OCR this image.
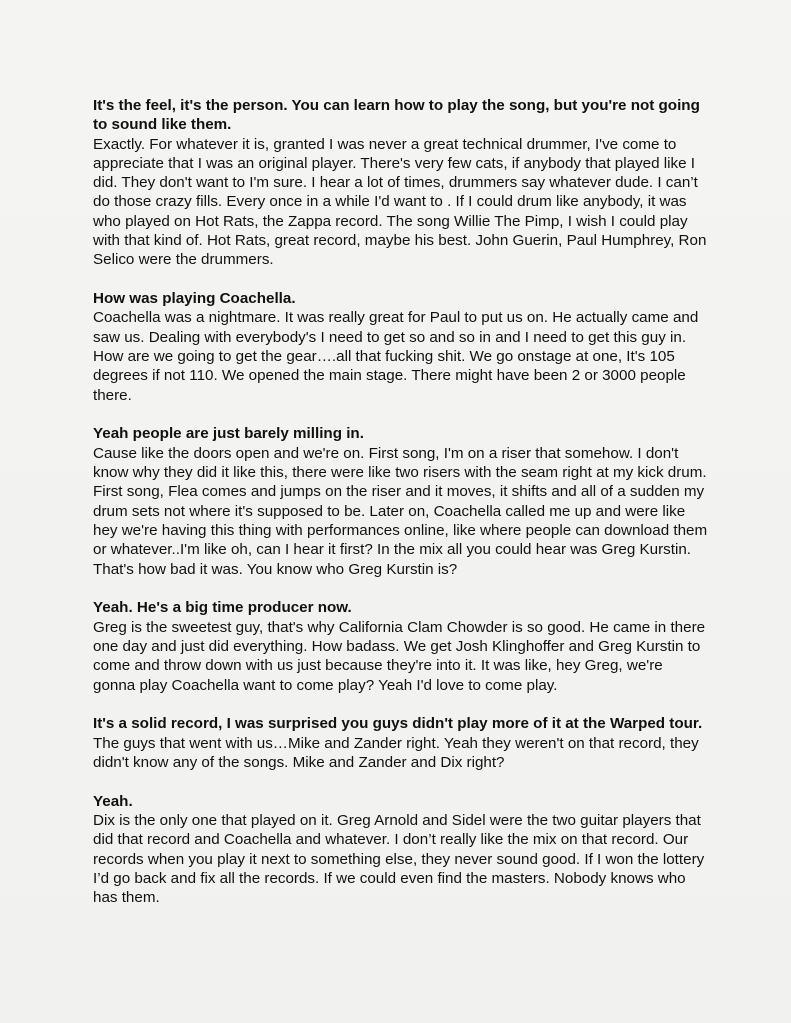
It's the feel, it's the person. You can learn how to play the song, but you're not going to sound like them.

Exactly. For whatever it is, granted I was never a great technical drummer, I've come to appreciate that I was an original player. There's very few cats, if anybody that played like I did. They don't want to I'm sure. I hear a lot of times, drummers say whatever dude. I can’t do those crazy fills. Every once in a while I'd want to . If I could drum like anybody, it was who played on Hot Rats, the Zappa record. The song Willie The Pimp, I wish I could play with that kind of. Hot Rats, great record, maybe his best. John Guerin, Paul Humphrey, Ron Selico were the drummers.

How was playing Coachella.

Coachella was a nightmare. It was really great for Paul to put us on. He actually came and saw us. Dealing with everybody's I need to get so and so in and I need to get this guy in. How are we going to get the gear….all that fucking shit. We go onstage at one, It's 105 degrees if not 110. We opened the main stage. There might have been 2 or 3000 people there.

Yeah people are just barely milling in.

Cause like the doors open and we're on. First song, I'm on a riser that somehow. I don't know why they did it like this, there were like two risers with the seam right at my kick drum. First song, Flea comes and jumps on the riser and it moves, it shifts and all of a sudden my drum sets not where it's supposed to be. Later on, Coachella called me up and were like hey we're having this thing with performances online, like where people can download them or whatever..I'm like oh, can I hear it first? In the mix all you could hear was Greg Kurstin. That's how bad it was. You know who Greg Kurstin is?

Yeah. He's a big time producer now.

Greg is the sweetest guy, that's why California Clam Chowder is so good. He came in there one day and just did everything. How badass. We get Josh Klinghoffer and Greg Kurstin to come and throw down with us just because they're into it. It was like, hey Greg, we're gonna play Coachella want to come play? Yeah I'd love to come play.

It's a solid record, I was surprised you guys didn't play more of it at the Warped tour.

The guys that went with us…Mike and Zander right. Yeah they weren't on that record, they didn't know any of the songs. Mike and Zander and Dix right?

Yeah.

Dix is the only one that played on it. Greg Arnold and Sidel were the two guitar players that did that record and Coachella and whatever. I don’t really like the mix on that record. Our records when you play it next to something else, they never sound good. If I won the lottery I’d go back and fix all the records. If we could even find the masters. Nobody knows who has them.
